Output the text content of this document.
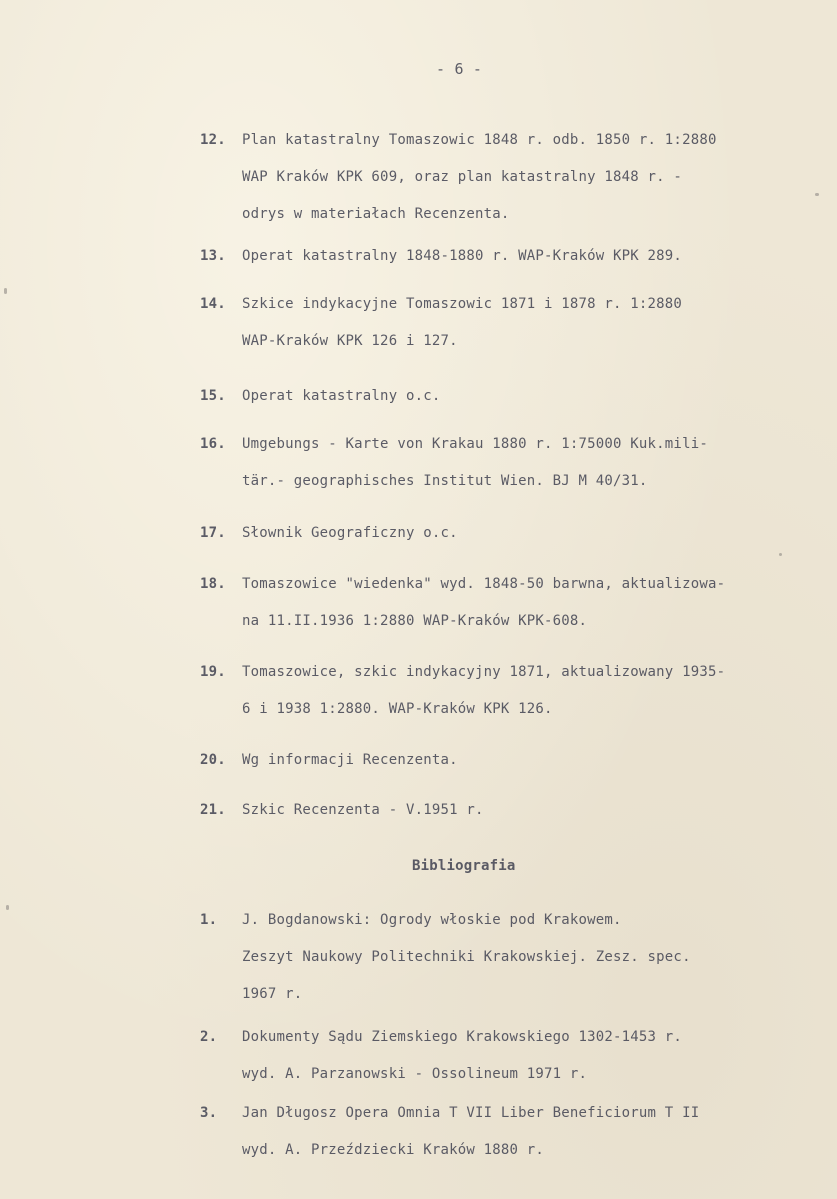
- 6 -
12. Plan katastralny Tomaszowic 1848 r. odb. 1850 r. 1:2880
WAP Kraków KPK 609, oraz plan katastralny 1848 r. -
odrys w materiałach Recenzenta.
13. Operat katastralny 1848-1880 r. WAP-Kraków KPK 289.
14. Szkice indykacyjne Tomaszowic 1871 i 1878 r. 1:2880
WAP-Kraków KPK 126 i 127.
15. Operat katastralny o.c.
16. Umgebungs - Karte von Krakau 1880 r. 1:75000 Kuk.mili-
tär.- geographisches Institut Wien. BJ M 40/31.
17. Słownik Geograficzny o.c.
18. Tomaszowice "wiedenka" wyd. 1848-50 barwna, aktualizowa-
na 11.II.1936 1:2880 WAP-Kraków KPK-608.
19. Tomaszowice, szkic indykacyjny 1871, aktualizowany 1935-
6 i 1938 1:2880. WAP-Kraków KPK 126.
20. Wg informacji Recenzenta.
21. Szkic Recenzenta - V.1951 r.
Bibliografia
1. J. Bogdanowski: Ogrody włoskie pod Krakowem.
Zeszyt Naukowy Politechniki Krakowskiej. Zesz. spec.
1967 r.
2. Dokumenty Sądu Ziemskiego Krakowskiego 1302-1453 r.
wyd. A. Parzanowski - Ossolineum 1971 r.
3. Jan Długosz Opera Omnia T VII Liber Beneficiorum T II
wyd. A. Przeździecki Kraków 1880 r.
